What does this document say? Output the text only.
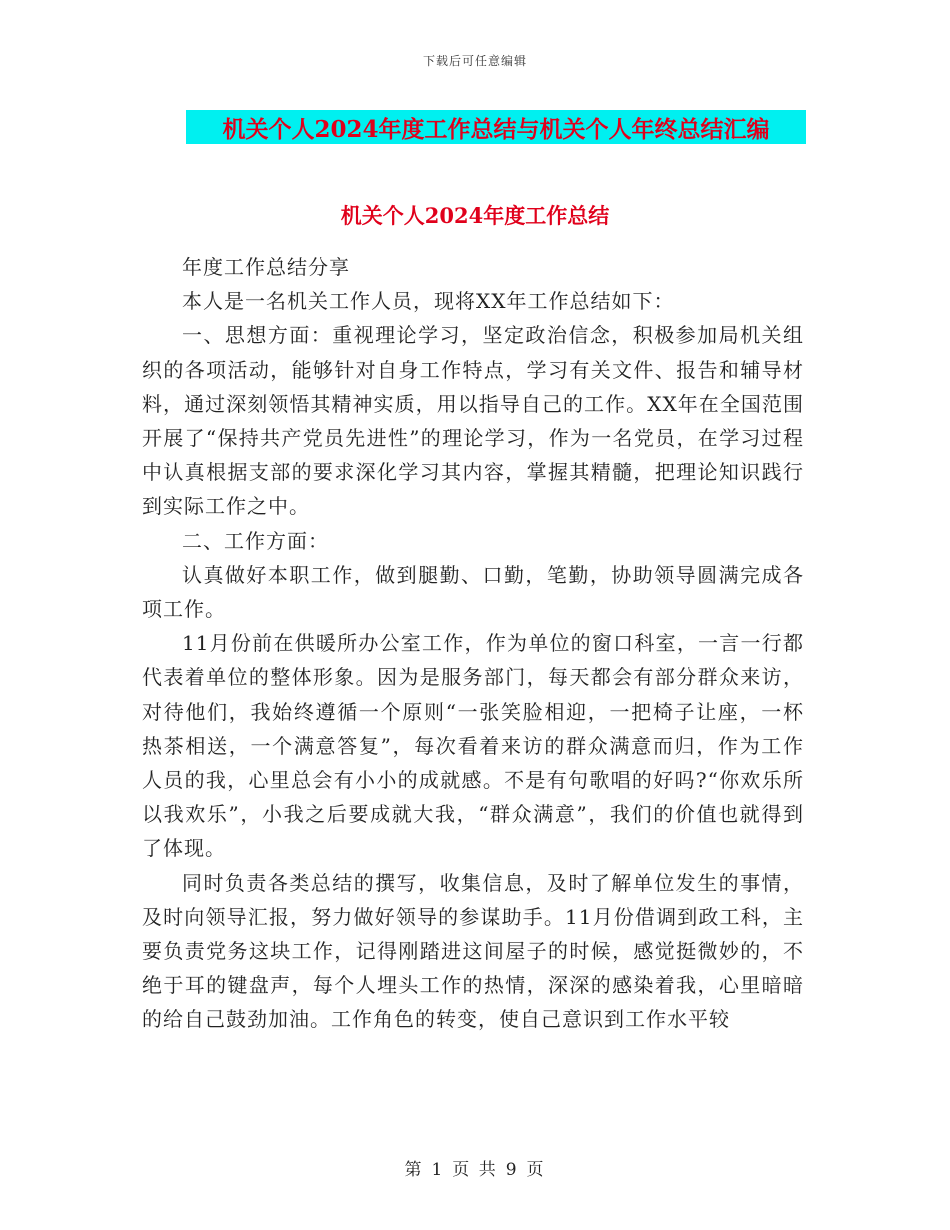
下载后可任意编辑
机关个人2024年度工作总结与机关个人年终总结汇编
机关个人2024年度工作总结

年度工作总结分享

本人是一名机关工作人员，现将XX年工作总结如下：

一、思想方面：重视理论学习，坚定政治信念，积极参加局机关组织的各项活动，能够针对自身工作特点，学习有关文件、报告和辅导材料，通过深刻领悟其精神实质，用以指导自己的工作。XX年在全国范围开展了“保持共产党员先进性”的理论学习，作为一名党员，在学习过程中认真根据支部的要求深化学习其内容，掌握其精髓，把理论知识践行到实际工作之中。

二、工作方面：

认真做好本职工作，做到腿勤、口勤，笔勤，协助领导圆满完成各项工作。

11月份前在供暖所办公室工作，作为单位的窗口科室，一言一行都代表着单位的整体形象。因为是服务部门，每天都会有部分群众来访，对待他们，我始终遵循一个原则“一张笑脸相迎，一把椅子让座，一杯热茶相送，一个满意答复”，每次看着来访的群众满意而归，作为工作人员的我，心里总会有小小的成就感。不是有句歌唱的好吗?“你欢乐所以我欢乐”，小我之后要成就大我，“群众满意”，我们的价值也就得到了体现。

同时负责各类总结的撰写，收集信息，及时了解单位发生的事情，及时向领导汇报，努力做好领导的参谋助手。11月份借调到政工科，主要负责党务这块工作，记得刚踏进这间屋子的时候，感觉挺微妙的，不绝于耳的键盘声，每个人埋头工作的热情，深深的感染着我，心里暗暗的给自己鼓劲加油。工作角色的转变，使自己意识到工作水平较

第 1 页 共 9 页
